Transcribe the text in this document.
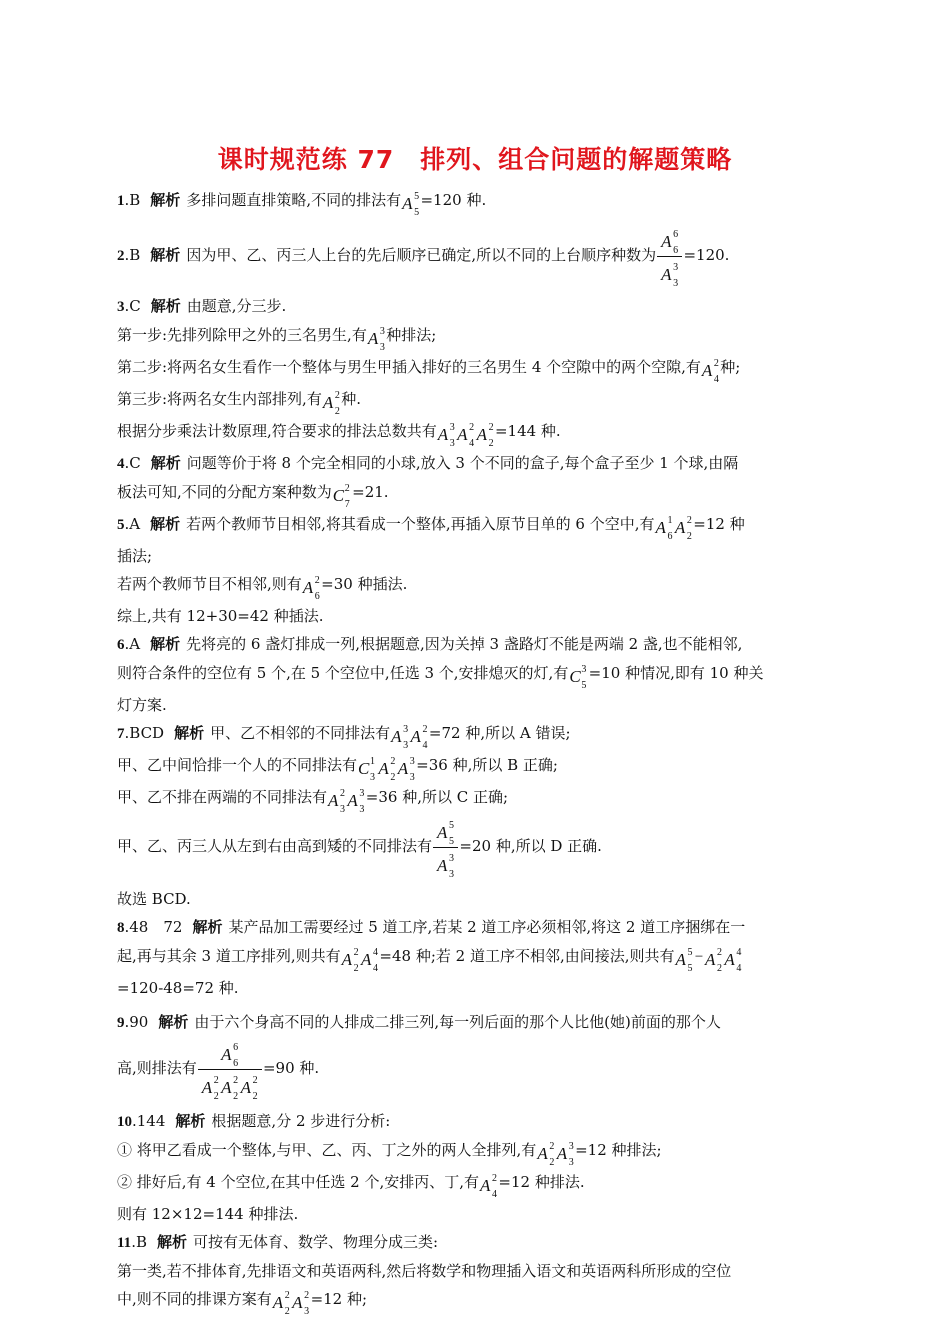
课时规范练 77　排列、组合问题的解题策略
1.B 解析 多排问题直排策略,不同的排法有A 5
5
=120 种.
2.B 解析 因为甲、乙、丙三人上台的先后顺序已确定,所以不同的上台顺序种数为 A 6
6
A 3
3 =120.
3.C 解析 由题意,分三步.
第一步:先排列除甲之外的三名男生,有A 3
3
种排法;
第二步:将两名女生看作一个整体与男生甲插入排好的三名男生 4 个空隙中的两个空隙,有A 2
4
种;
第三步:将两名女生内部排列,有A 2
2
种.
根据分步乘法计数原理,符合要求的排法总数共有A 3
3 A 2
4 A 2
2
=144 种.
4.C 解析 问题等价于将 8 个完全相同的小球,放入 3 个不同的盒子,每个盒子至少 1 个球,由隔
板法可知,不同的分配方案种数为C 2
7
=21.
5.A 解析 若两个教师节目相邻,将其看成一个整体,再插入原节目单的 6 个空中,有A 1
6 A 2
2
=12 种
插法;
若两个教师节目不相邻,则有A 2
6
=30 种插法.
综上,共有 12+30=42 种插法.
6.A 解析 先将亮的 6 盏灯排成一列,根据题意,因为关掉 3 盏路灯不能是两端 2 盏,也不能相邻,
则符合条件的空位有 5 个,在 5 个空位中,任选 3 个,安排熄灭的灯,有C 3
5
=10 种情况,即有 10 种关
灯方案.
7.BCD 解析 甲、乙不相邻的不同排法有A 3
3 A 2
4
=72 种,所以 A 错误;
甲、乙中间恰排一个人的不同排法有C 1
3 A 2
2 A 3
3
=36 种,所以 B 正确;
甲、乙不排在两端的不同排法有A 2
3 A 3
3
=36 种,所以 C 正确;
甲、乙、丙三人从左到右由高到矮的不同排法有 A 5
5
A 3
3 =20 种,所以 D 正确.
故选 BCD.
8.48　72 解析 某产品加工需要经过 5 道工序,若某 2 道工序必须相邻,将这 2 道工序捆绑在一
起,再与其余 3 道工序排列,则共有A 2
2 A 4
4
=48 种;若 2 道工序不相邻,由间接法,则共有A 5
5
−A 2
2 A 4
4
=120-48=72 种.
9.90 解析 由于六个身高不同的人排成二排三列,每一列后面的那个人比他(她)前面的那个人
高,则排法有 A 6
6
A 2
2 A 2
2 A 2
2 =90 种.
10.144 解析 根据题意,分 2 步进行分析:
① 将甲乙看成一个整体,与甲、乙、丙、丁之外的两人全排列,有A 2
2 A 3
3
=12 种排法;
② 排好后,有 4 个空位,在其中任选 2 个,安排丙、丁,有A 2
4
=12 种排法.
则有 12×12=144 种排法.
11.B 解析 可按有无体育、数学、物理分成三类:
第一类,若不排体育,先排语文和英语两科,然后将数学和物理插入语文和英语两科所形成的空位
中,则不同的排课方案有A 2
2 A 2
3
=12 种;
